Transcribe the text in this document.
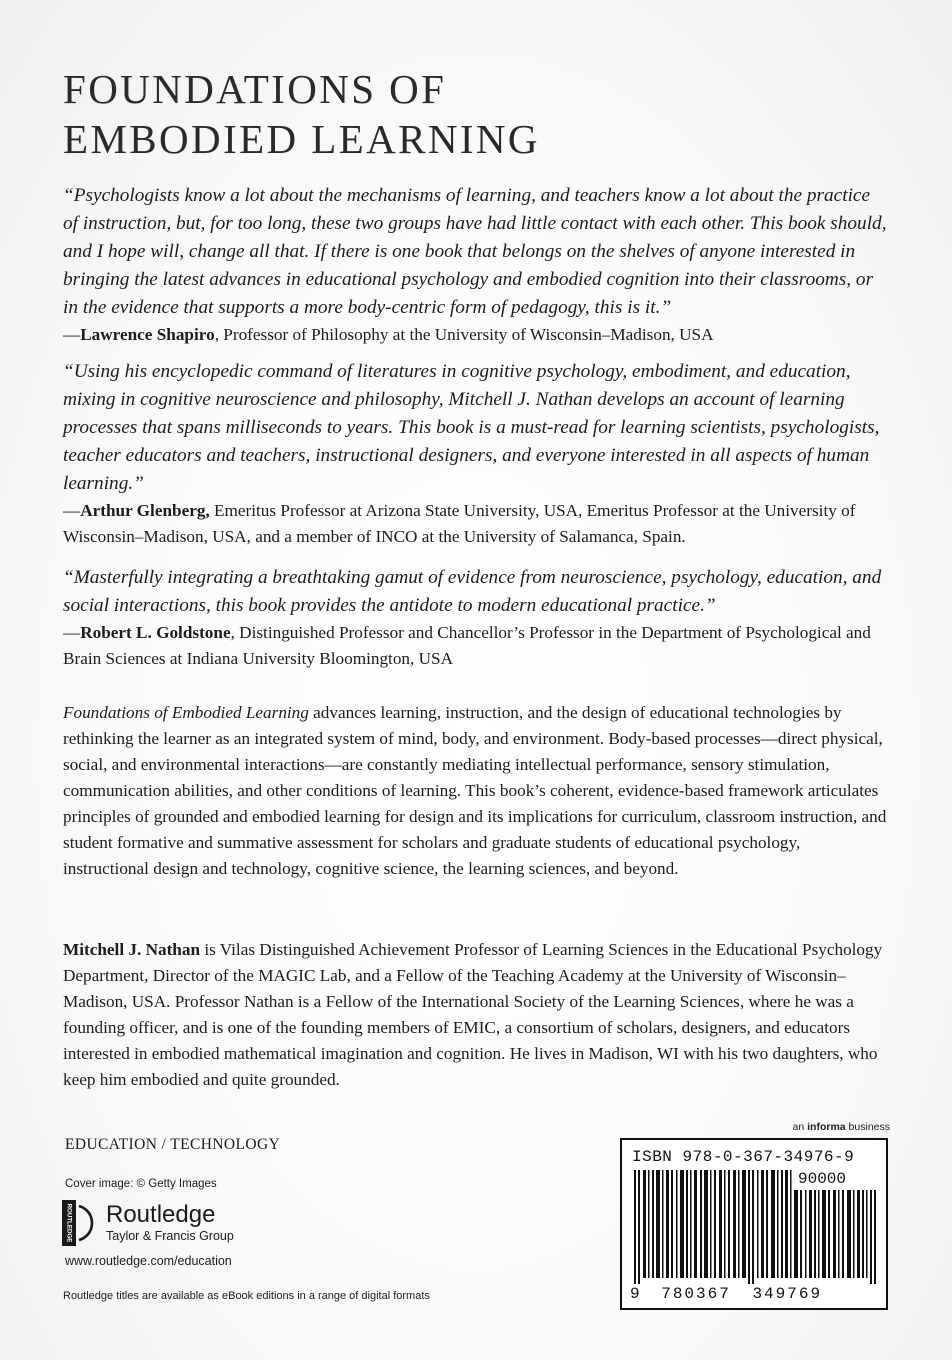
FOUNDATIONS OF
EMBODIED LEARNING

“Psychologists know a lot about the mechanisms of learning, and teachers know a lot about the practice of instruction, but, for too long, these two groups have had little contact with each other. This book should, and I hope will, change all that. If there is one book that belongs on the shelves of anyone interested in bringing the latest advances in educational psychology and embodied cognition into their classrooms, or in the evidence that supports a more body-centric form of pedagogy, this is it.”

—Lawrence Shapiro, Professor of Philosophy at the University of Wisconsin–Madison, USA

“Using his encyclopedic command of literatures in cognitive psychology, embodiment, and education, mixing in cognitive neuroscience and philosophy, Mitchell J. Nathan develops an account of learning processes that spans milliseconds to years. This book is a must-read for learning scientists, psychologists, teacher educators and teachers, instructional designers, and everyone interested in all aspects of human learning.”

—Arthur Glenberg, Emeritus Professor at Arizona State University, USA, Emeritus Professor at the University of Wisconsin–Madison, USA, and a member of INCO at the University of Salamanca, Spain.

“Masterfully integrating a breathtaking gamut of evidence from neuroscience, psychology, education, and social interactions, this book provides the antidote to modern educational practice.”

—Robert L. Goldstone, Distinguished Professor and Chancellor’s Professor in the Department of Psychological and Brain Sciences at Indiana University Bloomington, USA

Foundations of Embodied Learning advances learning, instruction, and the design of educational technologies by rethinking the learner as an integrated system of mind, body, and environment. Body-based processes—direct physical, social, and environmental interactions—are constantly mediating intellectual performance, sensory stimulation, communication abilities, and other conditions of learning. This book’s coherent, evidence-based framework articulates principles of grounded and embodied learning for design and its implications for curriculum, classroom instruction, and student formative and summative assessment for scholars and graduate students of educational psychology, instructional design and technology, cognitive science, the learning sciences, and beyond.

Mitchell J. Nathan is Vilas Distinguished Achievement Professor of Learning Sciences in the Educational Psychology Department, Director of the MAGIC Lab, and a Fellow of the Teaching Academy at the University of Wisconsin–Madison, USA. Professor Nathan is a Fellow of the International Society of the Learning Sciences, where he was a founding officer, and is one of the founding members of EMIC, a consortium of scholars, designers, and educators interested in embodied mathematical imagination and cognition. He lives in Madison, WI with his two daughters, who keep him embodied and quite grounded.

an informa business
EDUCATION / TECHNOLOGY
Cover image: © Getty Images
ROUTLEDGE Routledge
Taylor & Francis Group
www.routledge.com/education
Routledge titles are available as eBook editions in a range of digital formats
ISBN 978-0-367-34976-9
90000
9 780367 349769
